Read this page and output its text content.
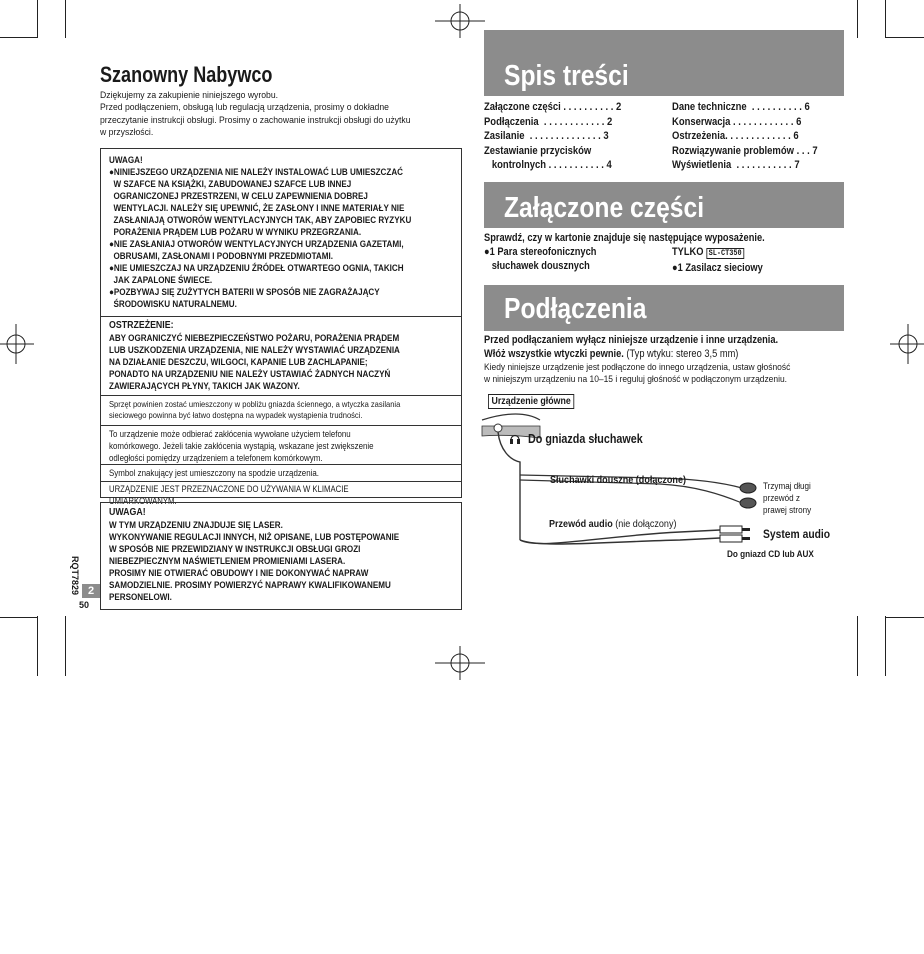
Szanowny Nabywco
Dziękujemy za zakupienie niniejszego wyrobu.
Przed podłączeniem, obsługą lub regulacją urządzenia, prosimy o dokładne
przeczytanie instrukcji obsługi. Prosimy o zachowanie instrukcji obsługi do użytku
w przyszłości.
UWAGA!
●NINIEJSZEGO URZĄDZENIA NIE NALEŻY INSTALOWAĆ LUB UMIESZCZAĆ
W SZAFCE NA KSIĄŻKI, ZABUDOWANEJ SZAFCE LUB INNEJ
OGRANICZONEJ PRZESTRZENI, W CELU ZAPEWNIENIA DOBREJ
WENTYLACJI. NALEŻY SIĘ UPEWNIĆ, ŻE ZASŁONY I INNE MATERIAŁY NIE
ZASŁANIAJĄ OTWORÓW WENTYLACYJNYCH TAK, ABY ZAPOBIEC RYZYKU
PORAŻENIA PRĄDEM LUB POŻARU W WYNIKU PRZEGRZANIA.
●NIE ZASŁANIAJ OTWORÓW WENTYLACYJNYCH URZĄDZENIA GAZETAMI,
OBRUSAMI, ZASŁONAMI I PODOBNYMI PRZEDMIOTAMI.
●NIE UMIESZCZAJ NA URZĄDZENIU ŹRÓDEŁ OTWARTEGO OGNIA, TAKICH
JAK ZAPALONE ŚWIECE.
●POZBYWAJ SIĘ ZUŻYTYCH BATERII W SPOSÓB NIE ZAGRAŻAJĄCY
ŚRODOWISKU NATURALNEMU.
OSTRZEŻENIE:
ABY OGRANICZYĆ NIEBEZPIECZEŃSTWO POŻARU, PORAŻENIA PRĄDEM
LUB USZKODZENIA URZĄDZENIA, NIE NALEŻY WYSTAWIAĆ URZĄDZENIA
NA DZIAŁANIE DESZCZU, WILGOCI, KAPANIE LUB ZACHLAPANIE;
PONADTO NA URZĄDZENIU NIE NALEŻY USTAWIAĆ ŻADNYCH NACZYŃ
ZAWIERAJĄCYCH PŁYNY, TAKICH JAK WAZONY.
Sprzęt powinien zostać umieszczony w pobliżu gniazda ściennego, a wtyczka zasilania
sieciowego powinna być łatwo dostępna na wypadek wystąpienia trudności.
To urządzenie może odbierać zakłócenia wywołane użyciem telefonu
komórkowego. Jeżeli takie zakłócenia wystąpią, wskazane jest zwiększenie
odległości pomiędzy urządzeniem a telefonem komórkowym.
Symbol znakujący jest umieszczony na spodzie urządzenia.
URZĄDZENIE JEST PRZEZNACZONE DO UŻYWANIA W KLIMACIE UMIARKOWANYM.
UWAGA!
W TYM URZĄDZENIU ZNAJDUJE SIĘ LASER.
WYKONYWANIE REGULACJI INNYCH, NIŻ OPISANE, LUB POSTĘPOWANIE
W SPOSÓB NIE PRZEWIDZIANY W INSTRUKCJI OBSŁUGI GROZI
NIEBEZPIECZNYM NAŚWIETLENIEM PROMIENIAMI LASERA.
PROSIMY NIE OTWIERAĆ OBUDOWY I NIE DOKONYWAĆ NAPRAW
SAMODZIELNIE. PROSIMY POWIERZYĆ NAPRAWY KWALIFIKOWANEMU
PERSONELOWI.
RQT7829 2
50
Spis treści
Załączone części . . . . . . . . . . 2
Podłączenia  . . . . . . . . . . . . 2
Zasilanie  . . . . . . . . . . . . . . 3
Zestawianie przycisków
kontrolnych . . . . . . . . . . . 4
Dane techniczne  . . . . . . . . . . 6
Konserwacja . . . . . . . . . . . . 6
Ostrzeżenia. . . . . . . . . . . . . 6
Rozwiązywanie problemów . . . 7
Wyświetlenia  . . . . . . . . . . . 7
Załączone części
Sprawdź, czy w kartonie znajduje się następujące wyposażenie.
●1 Para stereofonicznych
słuchawek dousznych
TYLKO SL-CT350
●1 Zasilacz sieciowy
Podłączenia
Przed podłączaniem wyłącz niniejsze urządzenie i inne urządzenia.
Włóż wszystkie wtyczki pewnie. (Typ wtyku: stereo 3,5 mm)
Kiedy niniejsze urządzenie jest podłączone do innego urządzenia, ustaw głośność
w niniejszym urządzeniu na 10–15 i reguluj głośność w podłączonym urządzeniu.
Urządzenie główne
Do gniazda słuchawek
Słuchawki douszne (dołączone)	Trzymaj długi
przewód z
prawej strony
Przewód audio (nie dołączony)
System audio
Do gniazd CD lub AUX
